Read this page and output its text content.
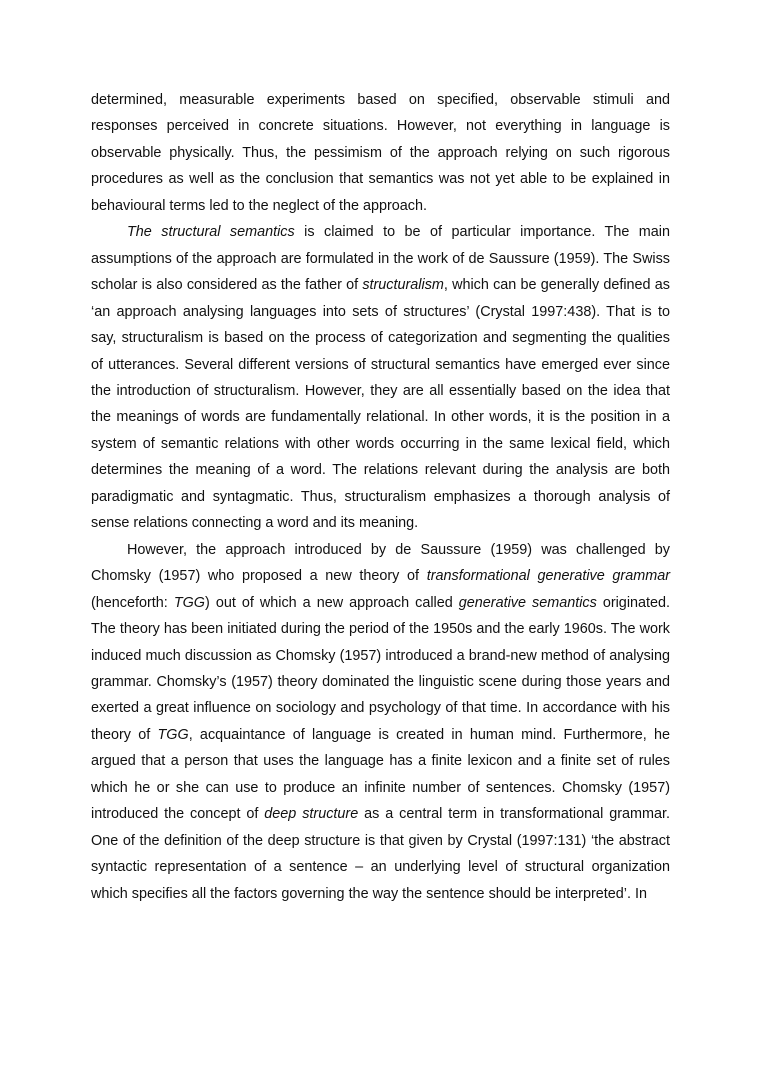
determined, measurable experiments based on specified, observable stimuli and responses perceived in concrete situations. However, not everything in language is observable physically. Thus, the pessimism of the approach relying on such rigorous procedures as well as the conclusion that semantics was not yet able to be explained in behavioural terms led to the neglect of the approach.

The structural semantics is claimed to be of particular importance. The main assumptions of the approach are formulated in the work of de Saussure (1959). The Swiss scholar is also considered as the father of structuralism, which can be generally defined as ‘an approach analysing languages into sets of structures’ (Crystal 1997:438). That is to say, structuralism is based on the process of categorization and segmenting the qualities of utterances. Several different versions of structural semantics have emerged ever since the introduction of structuralism. However, they are all essentially based on the idea that the meanings of words are fundamentally relational. In other words, it is the position in a system of semantic relations with other words occurring in the same lexical field, which determines the meaning of a word. The relations relevant during the analysis are both paradigmatic and syntagmatic. Thus, structuralism emphasizes a thorough analysis of sense relations connecting a word and its meaning.

However, the approach introduced by de Saussure (1959) was challenged by Chomsky (1957) who proposed a new theory of transformational generative grammar (henceforth: TGG) out of which a new approach called generative semantics originated. The theory has been initiated during the period of the 1950s and the early 1960s. The work induced much discussion as Chomsky (1957) introduced a brand-new method of analysing grammar. Chomsky’s (1957) theory dominated the linguistic scene during those years and exerted a great influence on sociology and psychology of that time. In accordance with his theory of TGG, acquaintance of language is created in human mind. Furthermore, he argued that a person that uses the language has a finite lexicon and a finite set of rules which he or she can use to produce an infinite number of sentences. Chomsky (1957) introduced the concept of deep structure as a central term in transformational grammar. One of the definition of the deep structure is that given by Crystal (1997:131) ‘the abstract syntactic representation of a sentence – an underlying level of structural organization which specifies all the factors governing the way the sentence should be interpreted’. In
